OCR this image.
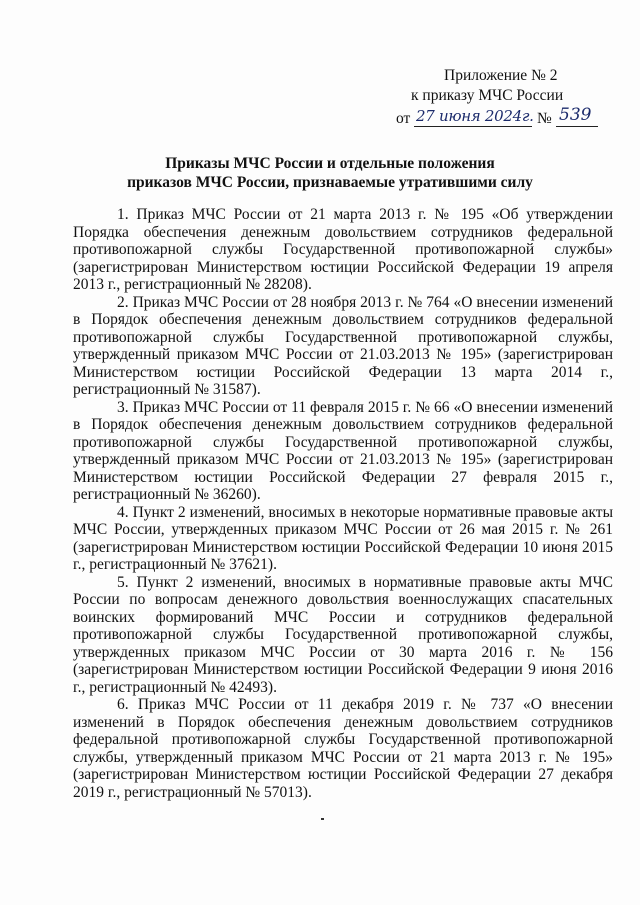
Приложение № 2
к приказу МЧС России
от 27 июня 2024г. № 539
Приказы МЧС России и отдельные положения
приказов МЧС России, признаваемые утратившими силу

1. Приказ МЧС России от 21 марта 2013 г. № 195 «Об утверждении Порядка обеспечения денежным довольствием сотрудников федеральной противопожарной службы Государственной противопожарной службы» (зарегистрирован Министерством юстиции Российской Федерации 19 апреля 2013 г., регистрационный № 28208).

2. Приказ МЧС России от 28 ноября 2013 г. № 764 «О внесении изменений в Порядок обеспечения денежным довольствием сотрудников федеральной противопожарной службы Государственной противопожарной службы, утвержденный приказом МЧС России от 21.03.2013 № 195» (зарегистрирован Министерством юстиции Российской Федерации 13 марта 2014 г., регистрационный № 31587).

3. Приказ МЧС России от 11 февраля 2015 г. № 66 «О внесении изменений в Порядок обеспечения денежным довольствием сотрудников федеральной противопожарной службы Государственной противопожарной службы, утвержденный приказом МЧС России от 21.03.2013 № 195» (зарегистрирован Министерством юстиции Российской Федерации 27 февраля 2015 г., регистрационный № 36260).

4. Пункт 2 изменений, вносимых в некоторые нормативные правовые акты МЧС России, утвержденных приказом МЧС России от 26 мая 2015 г. № 261 (зарегистрирован Министерством юстиции Российской Федерации 10 июня 2015 г., регистрационный № 37621).

5. Пункт 2 изменений, вносимых в нормативные правовые акты МЧС России по вопросам денежного довольствия военнослужащих спасательных воинских формирований МЧС России и сотрудников федеральной противопожарной службы Государственной противопожарной службы, утвержденных приказом МЧС России от 30 марта 2016 г. № 156 (зарегистрирован Министерством юстиции Российской Федерации 9 июня 2016 г., регистрационный № 42493).

6. Приказ МЧС России от 11 декабря 2019 г. № 737 «О внесении изменений в Порядок обеспечения денежным довольствием сотрудников федеральной противопожарной службы Государственной противопожарной службы, утвержденный приказом МЧС России от 21 марта 2013 г. № 195» (зарегистрирован Министерством юстиции Российской Федерации 27 декабря 2019 г., регистрационный № 57013).
